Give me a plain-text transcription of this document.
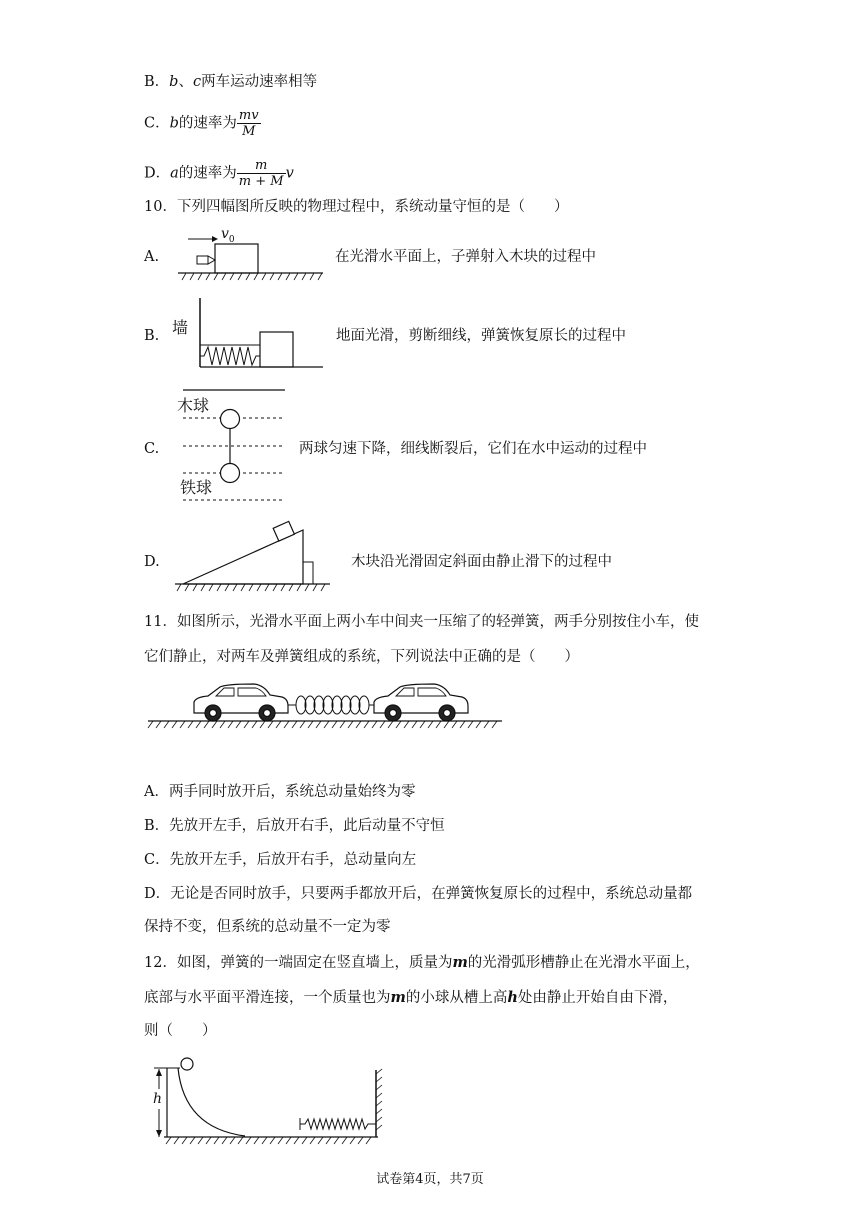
B．b、c两车运动速率相等
C．b的速率为 $\frac{mv}{M}$
D．a的速率为 $\frac{m}{m + M}$ v
10．下列四幅图所反映的物理过程中，系统动量守恒的是（　　）
A.
$v_0$
在光滑水平面上，子弹射入木块的过程中
B. 墙	地面光滑，剪断细线，弹簧恢复原长的过程中
C.
木球
铁球
两球匀速下降，细线断裂后，它们在水中运动的过程中
D.	木块沿光滑固定斜面由静止滑下的过程中
11．如图所示，光滑水平面上两小车中间夹一压缩了的轻弹簧，两手分别按住小车，使
它们静止，对两车及弹簧组成的系统，下列说法中正确的是（　　）
A．两手同时放开后，系统总动量始终为零
B．先放开左手，后放开右手，此后动量不守恒
C．先放开左手，后放开右手，总动量向左
D．无论是否同时放手，只要两手都放开后，在弹簧恢复原长的过程中，系统总动量都
保持不变，但系统的总动量不一定为零
12．如图，弹簧的一端固定在竖直墙上，质量为m的光滑弧形槽静止在光滑水平面上，
底部与水平面平滑连接，一个质量也为m的小球从槽上高h处由静止开始自由下滑，
则（　　）
h
试卷第4页，共7页
